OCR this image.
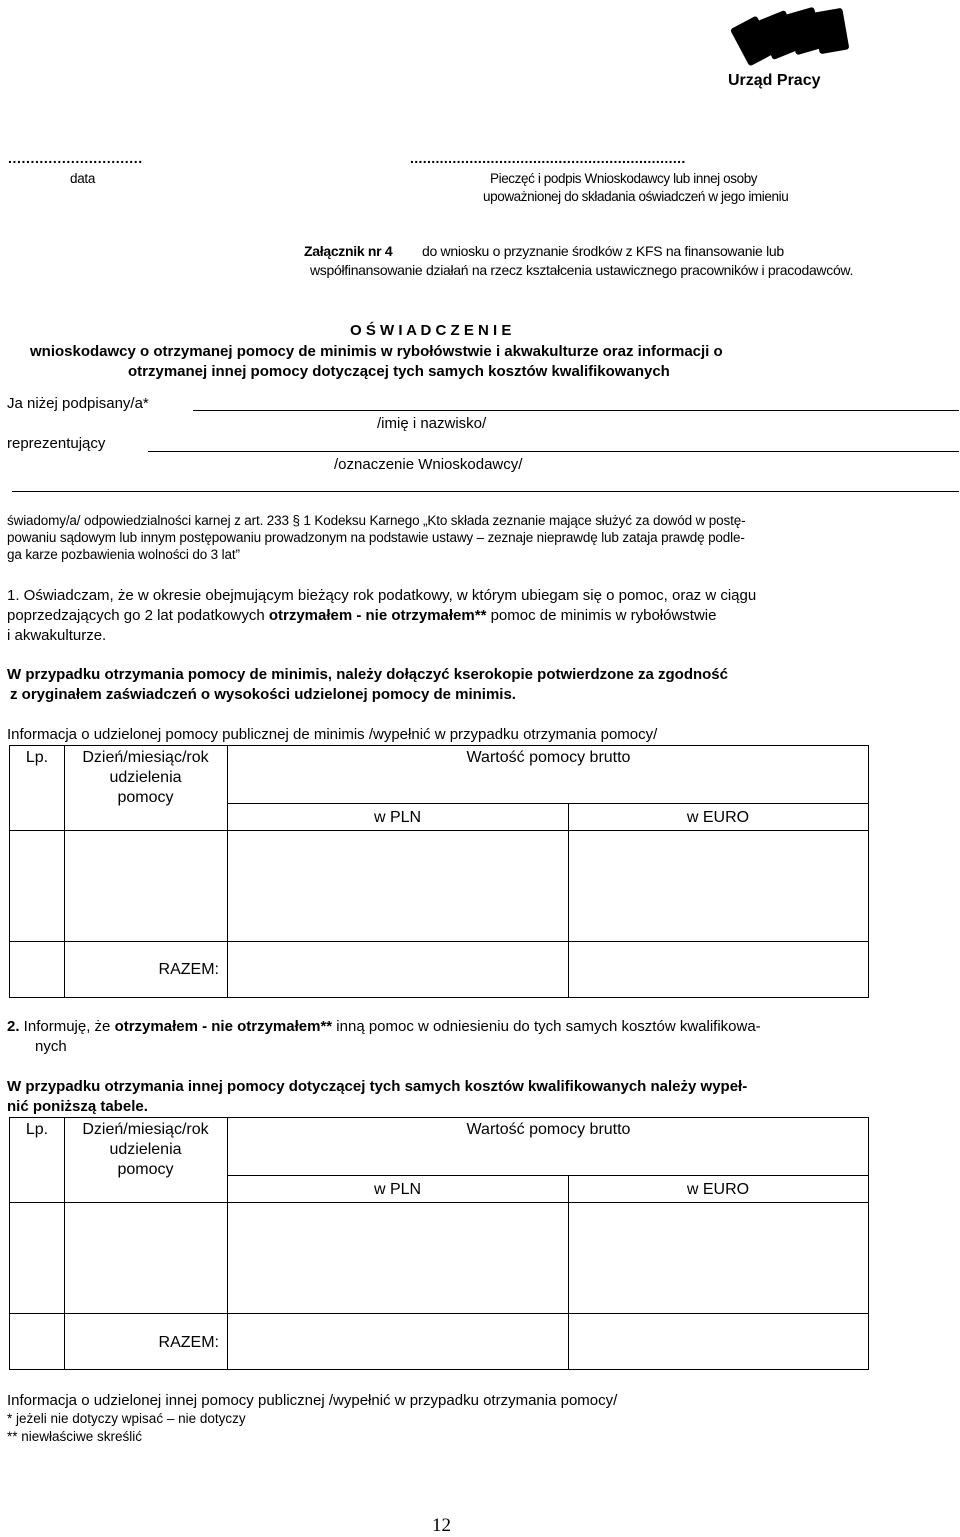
Urząd Pracy
..............................
data
.................................................................
Pieczęć i podpis Wnioskodawcy lub innej osoby
upoważnionej do składania oświadczeń w jego imieniu
Załącznik nr 4 do wniosku o przyznanie środków z KFS na finansowanie lub
współfinansowanie działań na rzecz kształcenia ustawicznego pracowników i pracodawców.
O Ś W I A D C Z E N I E
wnioskodawcy o otrzymanej pomocy de minimis w rybołówstwie i akwakulturze oraz informacji o
otrzymanej innej pomocy dotyczącej tych samych kosztów kwalifikowanych
Ja niżej podpisany/a*
/imię i nazwisko/
reprezentujący
/oznaczenie Wnioskodawcy/
świadomy/a/ odpowiedzialności karnej z art. 233 § 1 Kodeksu Karnego „Kto składa zeznanie mające służyć za dowód w postę-
powaniu sądowym lub innym postępowaniu prowadzonym na podstawie ustawy – zeznaje nieprawdę lub zataja prawdę podle-
ga karze pozbawienia wolności do 3 lat”
1. Oświadczam, że w okresie obejmującym bieżący rok podatkowy, w którym ubiegam się o pomoc, oraz w ciągu
poprzedzających go 2 lat podatkowych otrzymałem - nie otrzymałem** pomoc de minimis w rybołówstwie
i akwakulturze.
W przypadku otrzymania pomocy de minimis, należy dołączyć kserokopie potwierdzone za zgodność
z oryginałem zaświadczeń o wysokości udzielonej pomocy de minimis.
Informacja o udzielonej pomocy publicznej de minimis /wypełnić w przypadku otrzymania pomocy/
Lp.	Dzień/miesiąc/rok
udzielenia
pomocy
Wartość pomocy brutto
w PLN	w EURO
RAZEM:
2. Informuję, że otrzymałem - nie otrzymałem** inną pomoc w odniesieniu do tych samych kosztów kwalifikowa-
nych
W przypadku otrzymania innej pomocy dotyczącej tych samych kosztów kwalifikowanych należy wypeł-
nić poniższą tabele.
Lp.	Dzień/miesiąc/rok
udzielenia
pomocy
Wartość pomocy brutto
w PLN	w EURO
RAZEM:
Informacja o udzielonej innej pomocy publicznej /wypełnić w przypadku otrzymania pomocy/
* jeżeli nie dotyczy wpisać – nie dotyczy
** niewłaściwe skreślić
12
